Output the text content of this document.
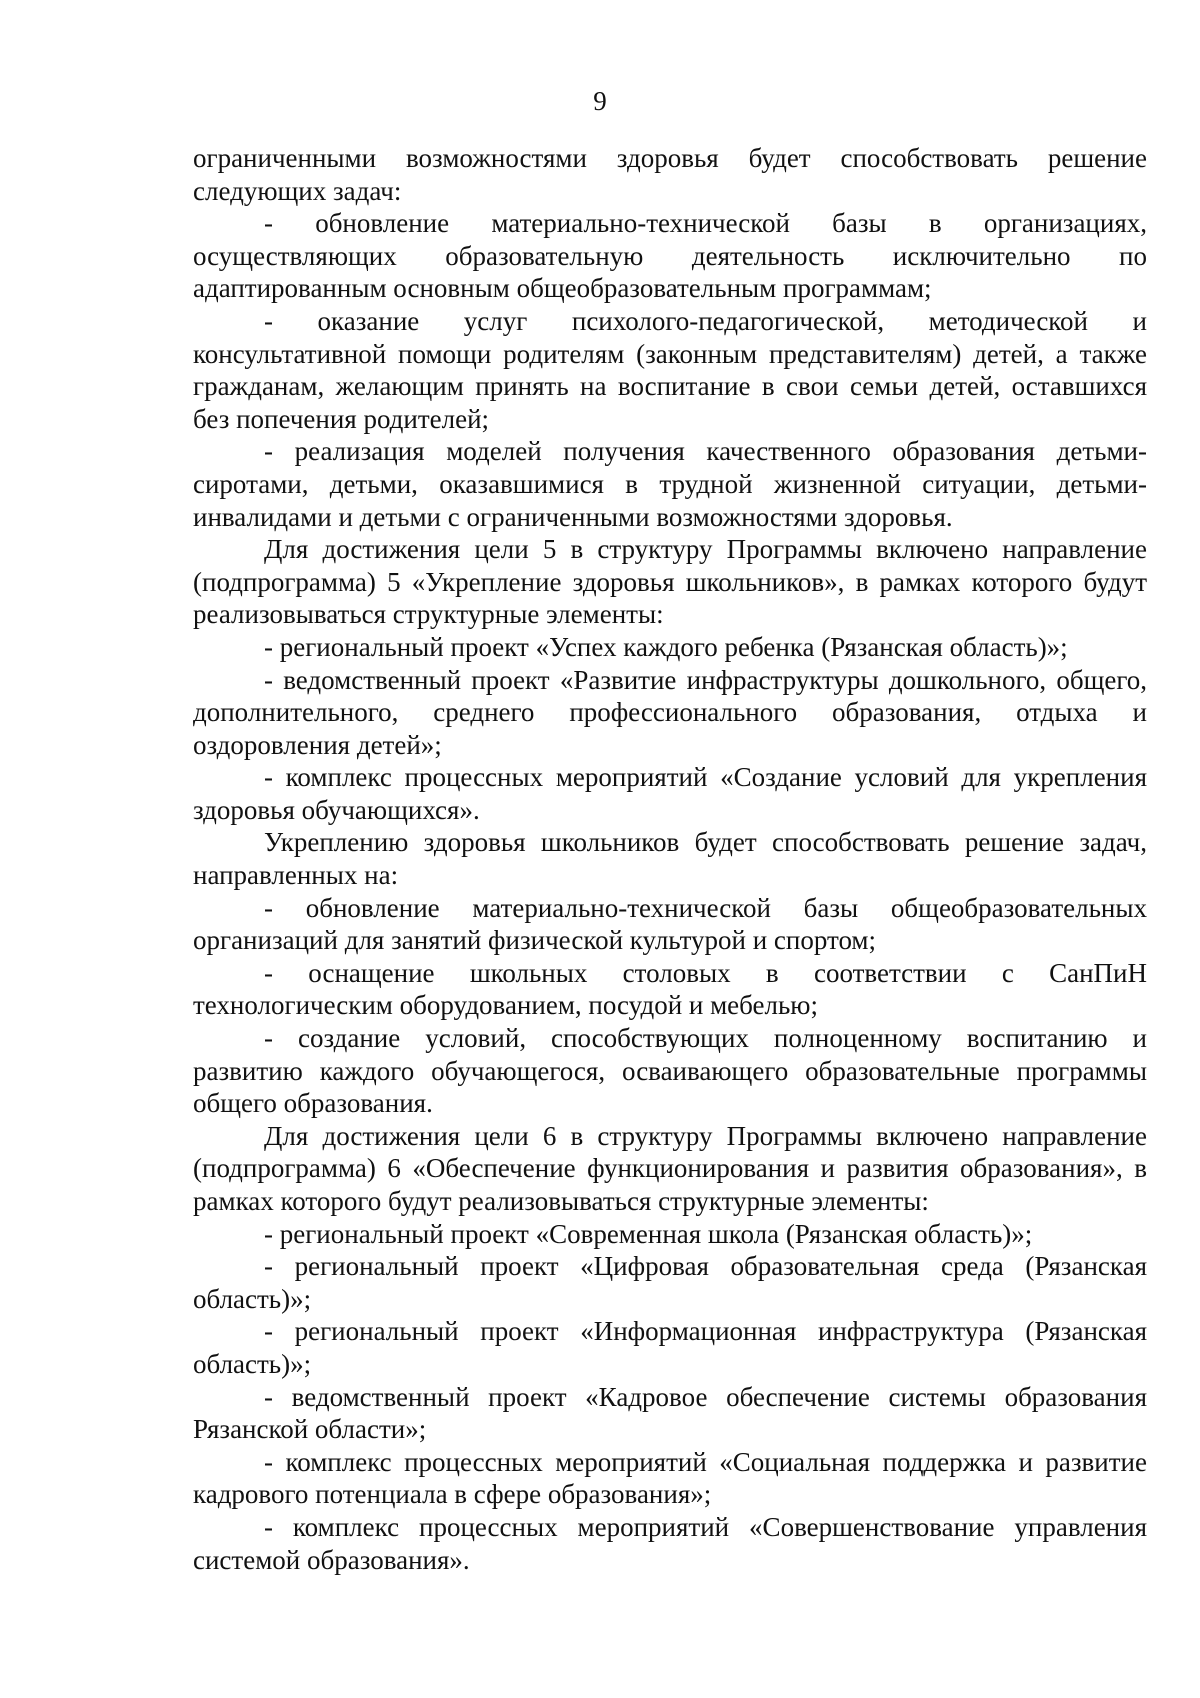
9

ограниченными возможностями здоровья будет способствовать решение следующих задач:

- обновление материально-технической базы в организациях, осуществляющих образовательную деятельность исключительно по адаптированным основным общеобразовательным программам;

- оказание услуг психолого-педагогической, методической и консультативной помощи родителям (законным представителям) детей, а также гражданам, желающим принять на воспитание в свои семьи детей, оставшихся без попечения родителей;

- реализация моделей получения качественного образования детьми-сиротами, детьми, оказавшимися в трудной жизненной ситуации, детьми-инвалидами и детьми с ограниченными возможностями здоровья.

Для достижения цели 5 в структуру Программы включено направление (подпрограмма) 5 «Укрепление здоровья школьников», в рамках которого будут реализовываться структурные элементы:

- региональный проект «Успех каждого ребенка (Рязанская область)»;

- ведомственный проект «Развитие инфраструктуры дошкольного, общего, дополнительного, среднего профессионального образования, отдыха и оздоровления детей»;

- комплекс процессных мероприятий «Создание условий для укрепления здоровья обучающихся».

Укреплению здоровья школьников будет способствовать решение задач, направленных на:

- обновление материально-технической базы общеобразовательных организаций для занятий физической культурой и спортом;

- оснащение школьных столовых в соответствии с СанПиН технологическим оборудованием, посудой и мебелью;

- создание условий, способствующих полноценному воспитанию и развитию каждого обучающегося, осваивающего образовательные программы общего образования.

Для достижения цели 6 в структуру Программы включено направление (подпрограмма) 6 «Обеспечение функционирования и развития образования», в рамках которого будут реализовываться структурные элементы:

- региональный проект «Современная школа (Рязанская область)»;

- региональный проект «Цифровая образовательная среда (Рязанская область)»;

- региональный проект «Информационная инфраструктура (Рязанская область)»;

- ведомственный проект «Кадровое обеспечение системы образования Рязанской области»;

- комплекс процессных мероприятий «Социальная поддержка и развитие кадрового потенциала в сфере образования»;

- комплекс процессных мероприятий «Совершенствование управления системой образования».
